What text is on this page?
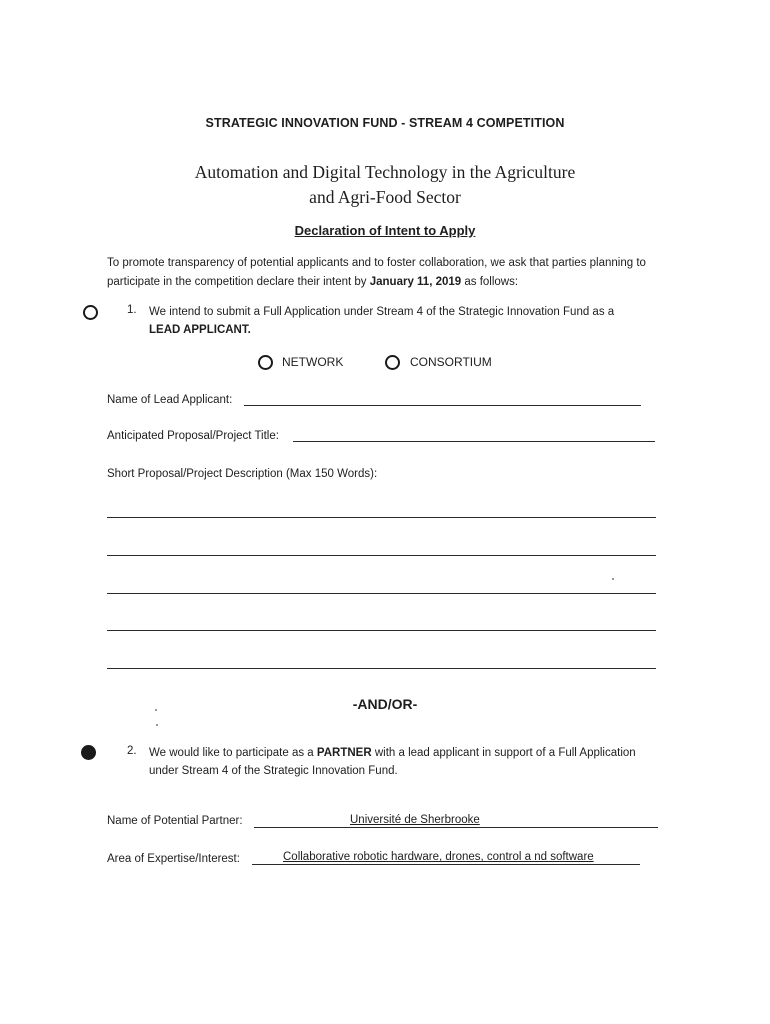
STRATEGIC INNOVATION FUND - STREAM 4 COMPETITION
Automation and Digital Technology in the Agriculture
and Agri-Food Sector
Declaration of Intent to Apply
To promote transparency of potential applicants and to foster collaboration, we ask that parties planning to participate in the competition declare their intent by January 11, 2019 as follows:
1. We intend to submit a Full Application under Stream 4 of the Strategic Innovation Fund as a
LEAD APPLICANT.
NETWORK	CONSORTIUM
Name of Lead Applicant:
Anticipated Proposal/Project Title:
Short Proposal/Project Description (Max 150 Words):
-AND/OR-
2. We would like to participate as a PARTNER with a lead applicant in support of a Full Application
under Stream 4 of the Strategic Innovation Fund.
Name of Potential Partner:	Université de Sherbrooke
Area of Expertise/Interest:	Collaborative robotic hardware, drones, control a nd software
